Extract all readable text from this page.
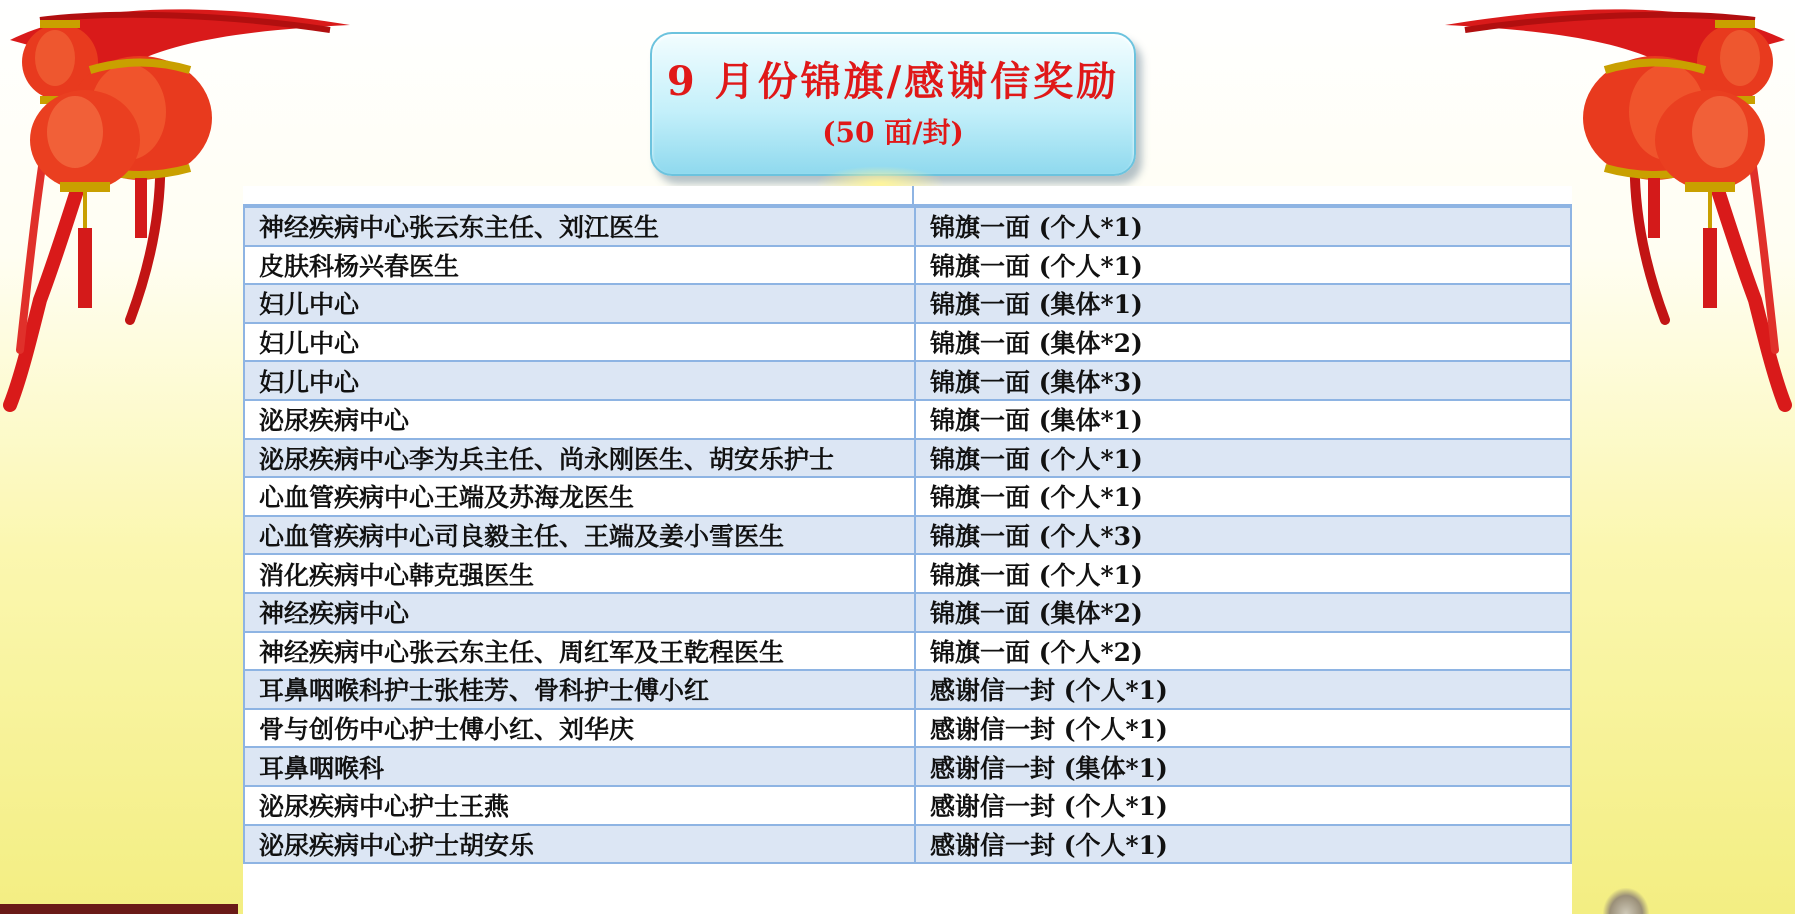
9 月份锦旗/感谢信奖励
(50 面/封)
神经疾病中心张云东主任、刘江医生	锦旗一面 (个人*1)
皮肤科杨兴春医生	锦旗一面 (个人*1)
妇儿中心	锦旗一面 (集体*1)
妇儿中心	锦旗一面 (集体*2)
妇儿中心	锦旗一面 (集体*3)
泌尿疾病中心	锦旗一面 (集体*1)
泌尿疾病中心李为兵主任、尚永刚医生、胡安乐护士	锦旗一面 (个人*1)
心血管疾病中心王端及苏海龙医生	锦旗一面 (个人*1)
心血管疾病中心司良毅主任、王端及姜小雪医生	锦旗一面 (个人*3)
消化疾病中心韩克强医生	锦旗一面 (个人*1)
神经疾病中心	锦旗一面 (集体*2)
神经疾病中心张云东主任、周红军及王乾程医生	锦旗一面 (个人*2)
耳鼻咽喉科护士张桂芳、骨科护士傅小红	感谢信一封 (个人*1)
骨与创伤中心护士傅小红、刘华庆	感谢信一封 (个人*1)
耳鼻咽喉科	感谢信一封 (集体*1)
泌尿疾病中心护士王燕	感谢信一封 (个人*1)
泌尿疾病中心护士胡安乐	感谢信一封 (个人*1)
